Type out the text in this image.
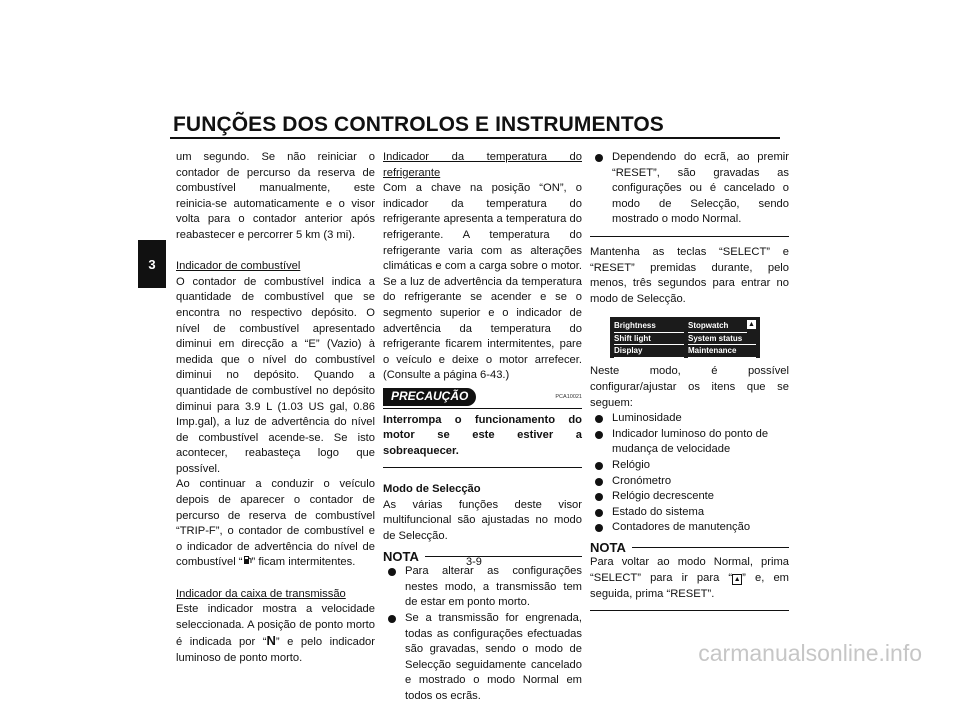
FUNÇÕES DOS CONTROLOS E INSTRUMENTOS
3

um segundo. Se não reiniciar o contador de percurso da reserva de combustível manualmente, este reinicia-se automaticamente e o visor volta para o contador anterior após reabastecer e percorrer 5 km (3 mi).

Indicador de combustível

O contador de combustível indica a quantidade de combustível que se encontra no respectivo depósito. O nível de combustível apresentado diminui em direcção a “E” (Vazio) à medida que o nível do combustível diminui no depósito. Quando a quantidade de combustível no depósito diminui para 3.9 L (1.03 US gal, 0.86 Imp.gal), a luz de advertência do nível de combustível acende-se. Se isto acontecer, reabasteça logo que possível.

Ao continuar a conduzir o veículo depois de aparecer o contador de percurso de reserva de combustível “TRIP-F”, o contador de combustível e o indicador de advertência do nível de combustível “ ” ficam intermitentes.

Indicador da caixa de transmissão

Este indicador mostra a velocidade seleccionada. A posição de ponto morto é indicada por “N” e pelo indicador luminoso de ponto morto.

Indicador da temperatura do refrigerante

Com a chave na posição “ON”, o indicador da temperatura do refrigerante apresenta a temperatura do refrigerante. A temperatura do refrigerante varia com as alterações climáticas e com a carga sobre o motor. Se a luz de advertência da temperatura do refrigerante se acender e se o segmento superior e o indicador de advertência da temperatura do refrigerante ficarem intermitentes, pare o veículo e deixe o motor arrefecer. (Consulte a página 6-43.)

PRECAUÇÃO	PCA10021

Interrompa o funcionamento do motor se este estiver a sobreaquecer.

Modo de Selecção

As várias funções deste visor multifuncional são ajustadas no modo de Selecção.

NOTA
Para alterar as configurações nestes modo, a transmissão tem de estar em ponto morto.
Se a transmissão for engrenada, todas as configurações efectuadas são gravadas, sendo o modo de Selecção seguidamente cancelado e mostrado o modo Normal em todos os ecrãs.
Dependendo do ecrã, ao premir “RESET”, são gravadas as configurações ou é cancelado o modo de Selecção, sendo mostrado o modo Normal.

Mantenha as teclas “SELECT” e “RESET” premidas durante, pelo menos, três segundos para entrar no modo de Selecção.

Brightness	Stopwatch	▲
Shift light	System status
Display	Maintenance

Neste modo, é possível configurar/ajustar os itens que se seguem:

Luminosidade
Indicador luminoso do ponto de mudança de velocidade
Relógio
Cronómetro
Relógio decrescente
Estado do sistema
Contadores de manutenção
NOTA

Para voltar ao modo Normal, prima “SELECT” para ir para “ ▲ ” e, em seguida, prima “RESET”.

3-9
carmanualsonline.info
